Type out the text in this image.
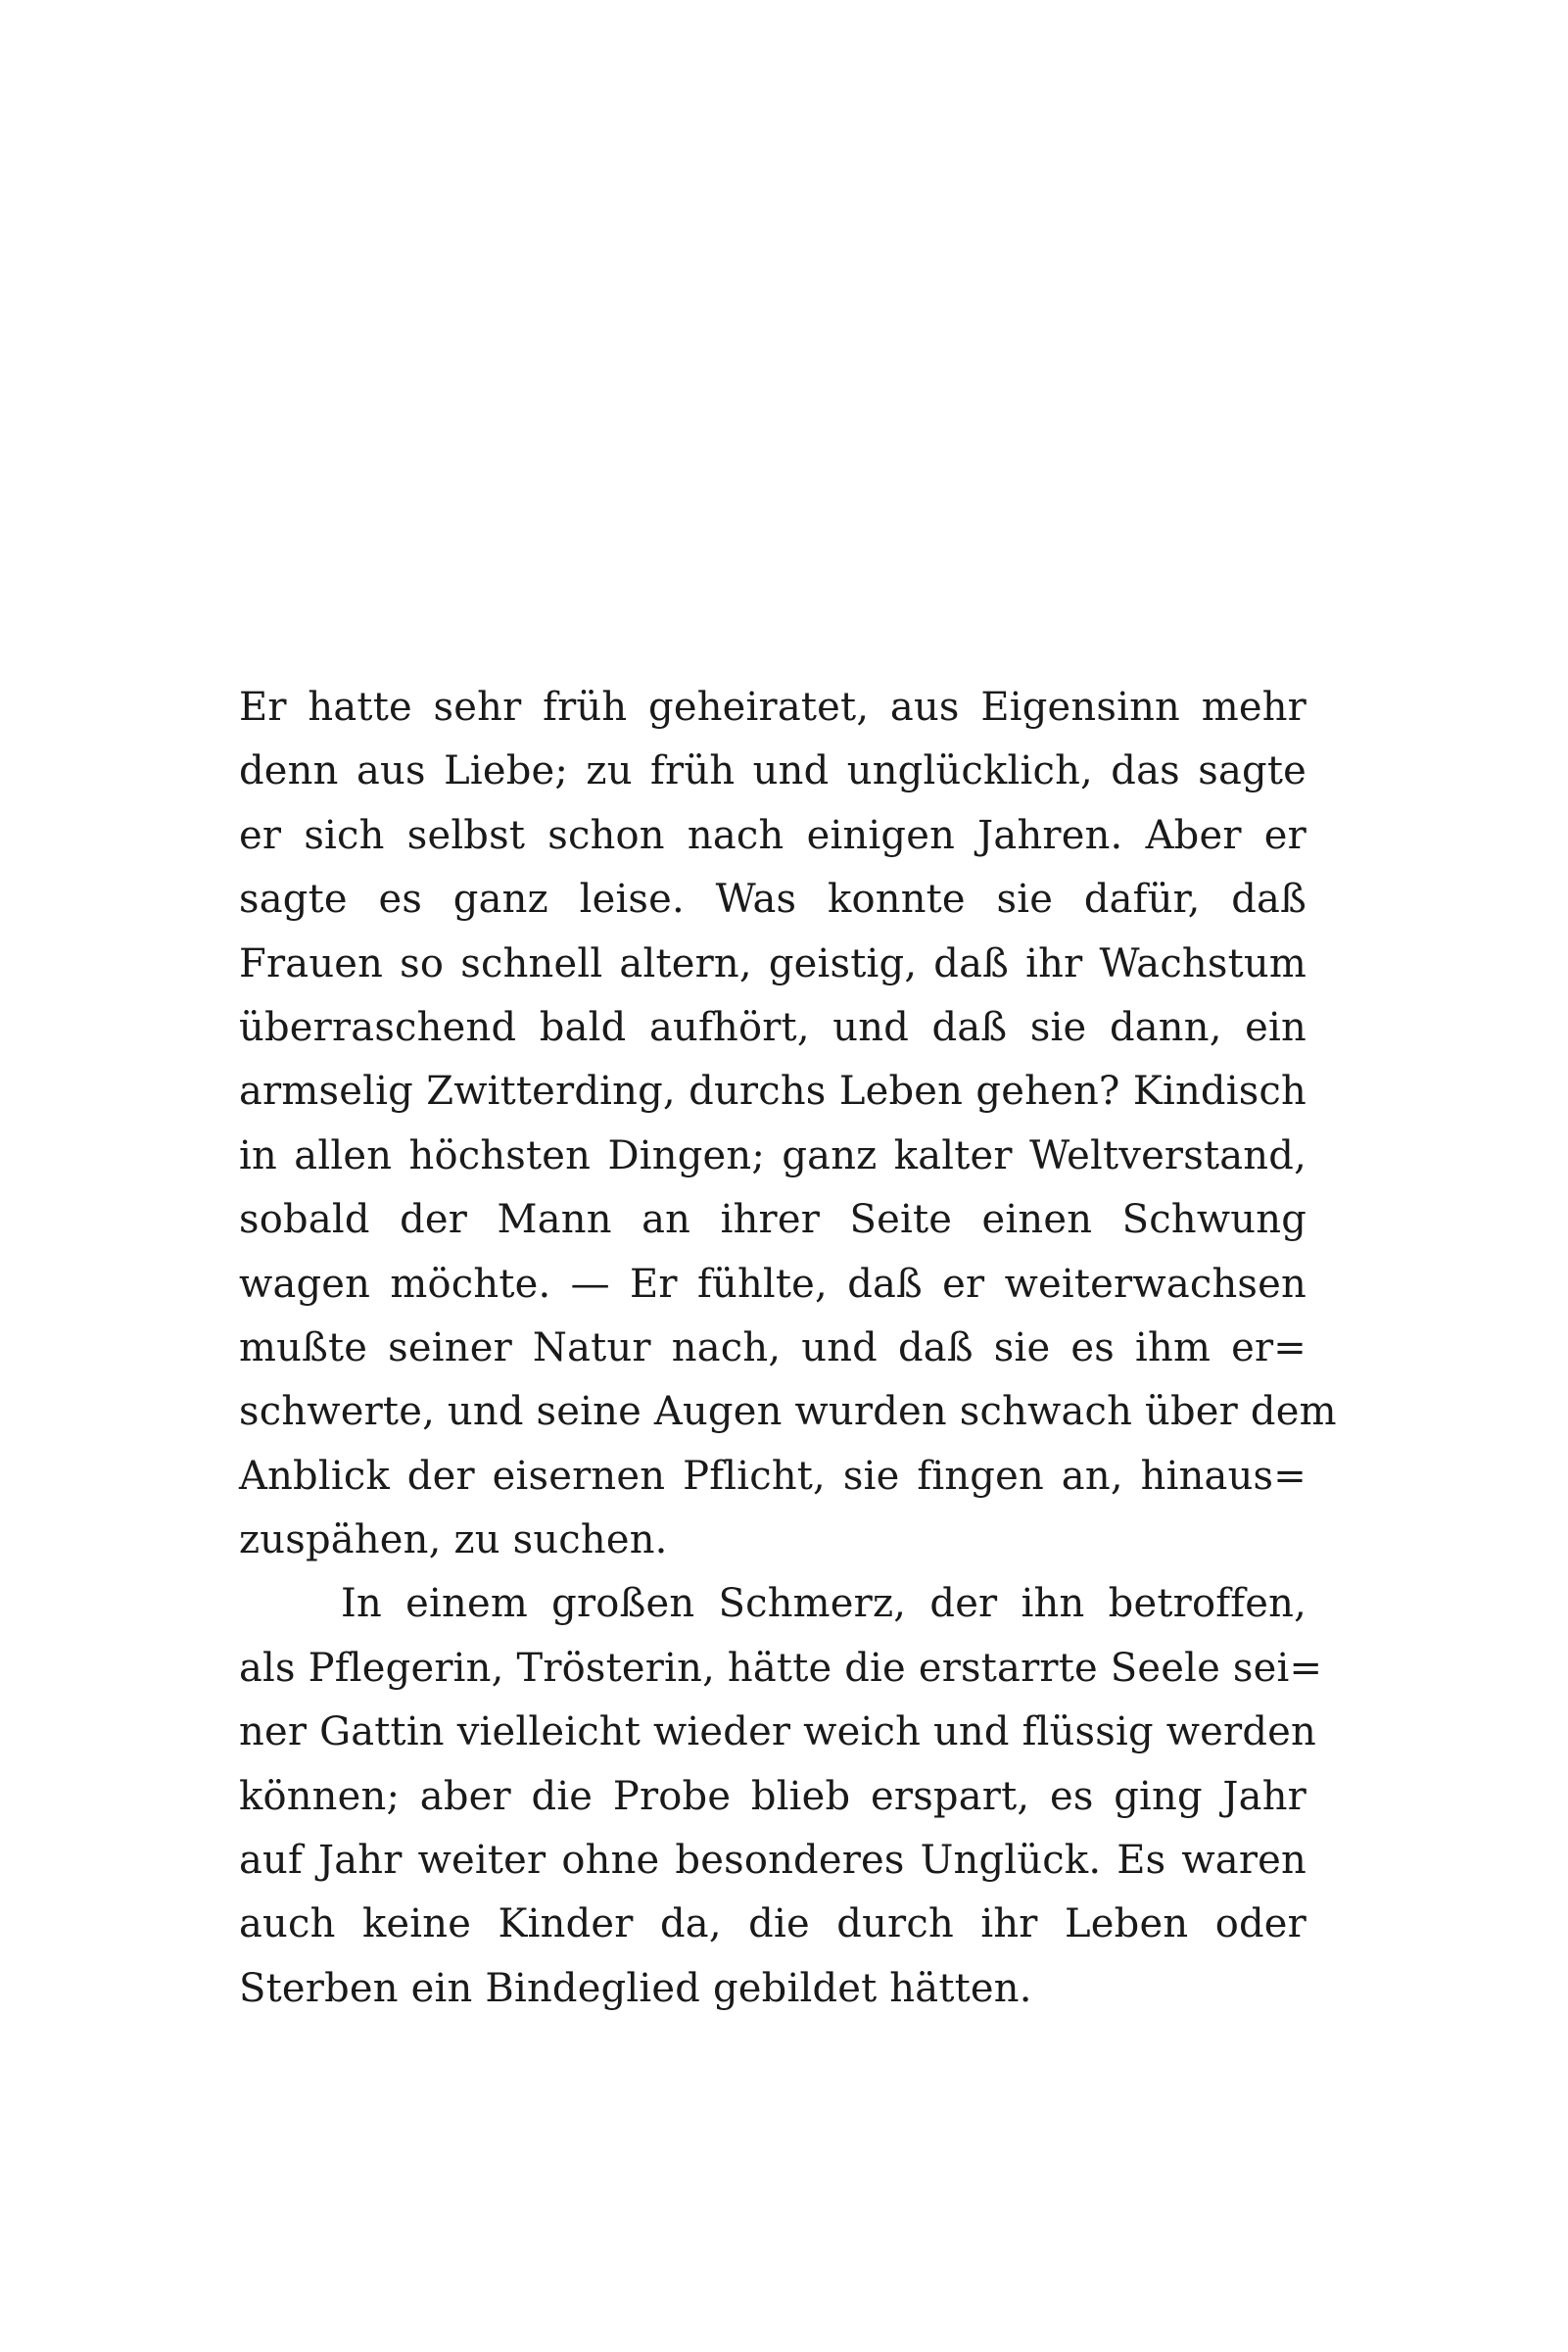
Er hatte sehr früh geheiratet, aus Eigensinn mehr
denn aus Liebe; zu früh und unglücklich, das sagte
er sich selbst schon nach einigen Jahren. Aber er
sagte es ganz leise. Was konnte sie dafür, daß
Frauen so schnell altern, geistig, daß ihr Wachstum
überraschend bald aufhört, und daß sie dann, ein
armselig Zwitterding, durchs Leben gehen? Kindisch
in allen höchsten Dingen; ganz kalter Weltverstand,
sobald der Mann an ihrer Seite einen Schwung
wagen möchte. — Er fühlte, daß er weiterwachsen
mußte seiner Natur nach, und daß sie es ihm er=
schwerte, und seine Augen wurden schwach über dem
Anblick der eisernen Pflicht, sie fingen an, hinaus=
zuspähen, zu suchen.
In einem großen Schmerz, der ihn betroffen,
als Pflegerin, Trösterin, hätte die erstarrte Seele sei=
ner Gattin vielleicht wieder weich und flüssig werden
können; aber die Probe blieb erspart, es ging Jahr
auf Jahr weiter ohne besonderes Unglück. Es waren
auch keine Kinder da, die durch ihr Leben oder
Sterben ein Bindeglied gebildet hätten.
